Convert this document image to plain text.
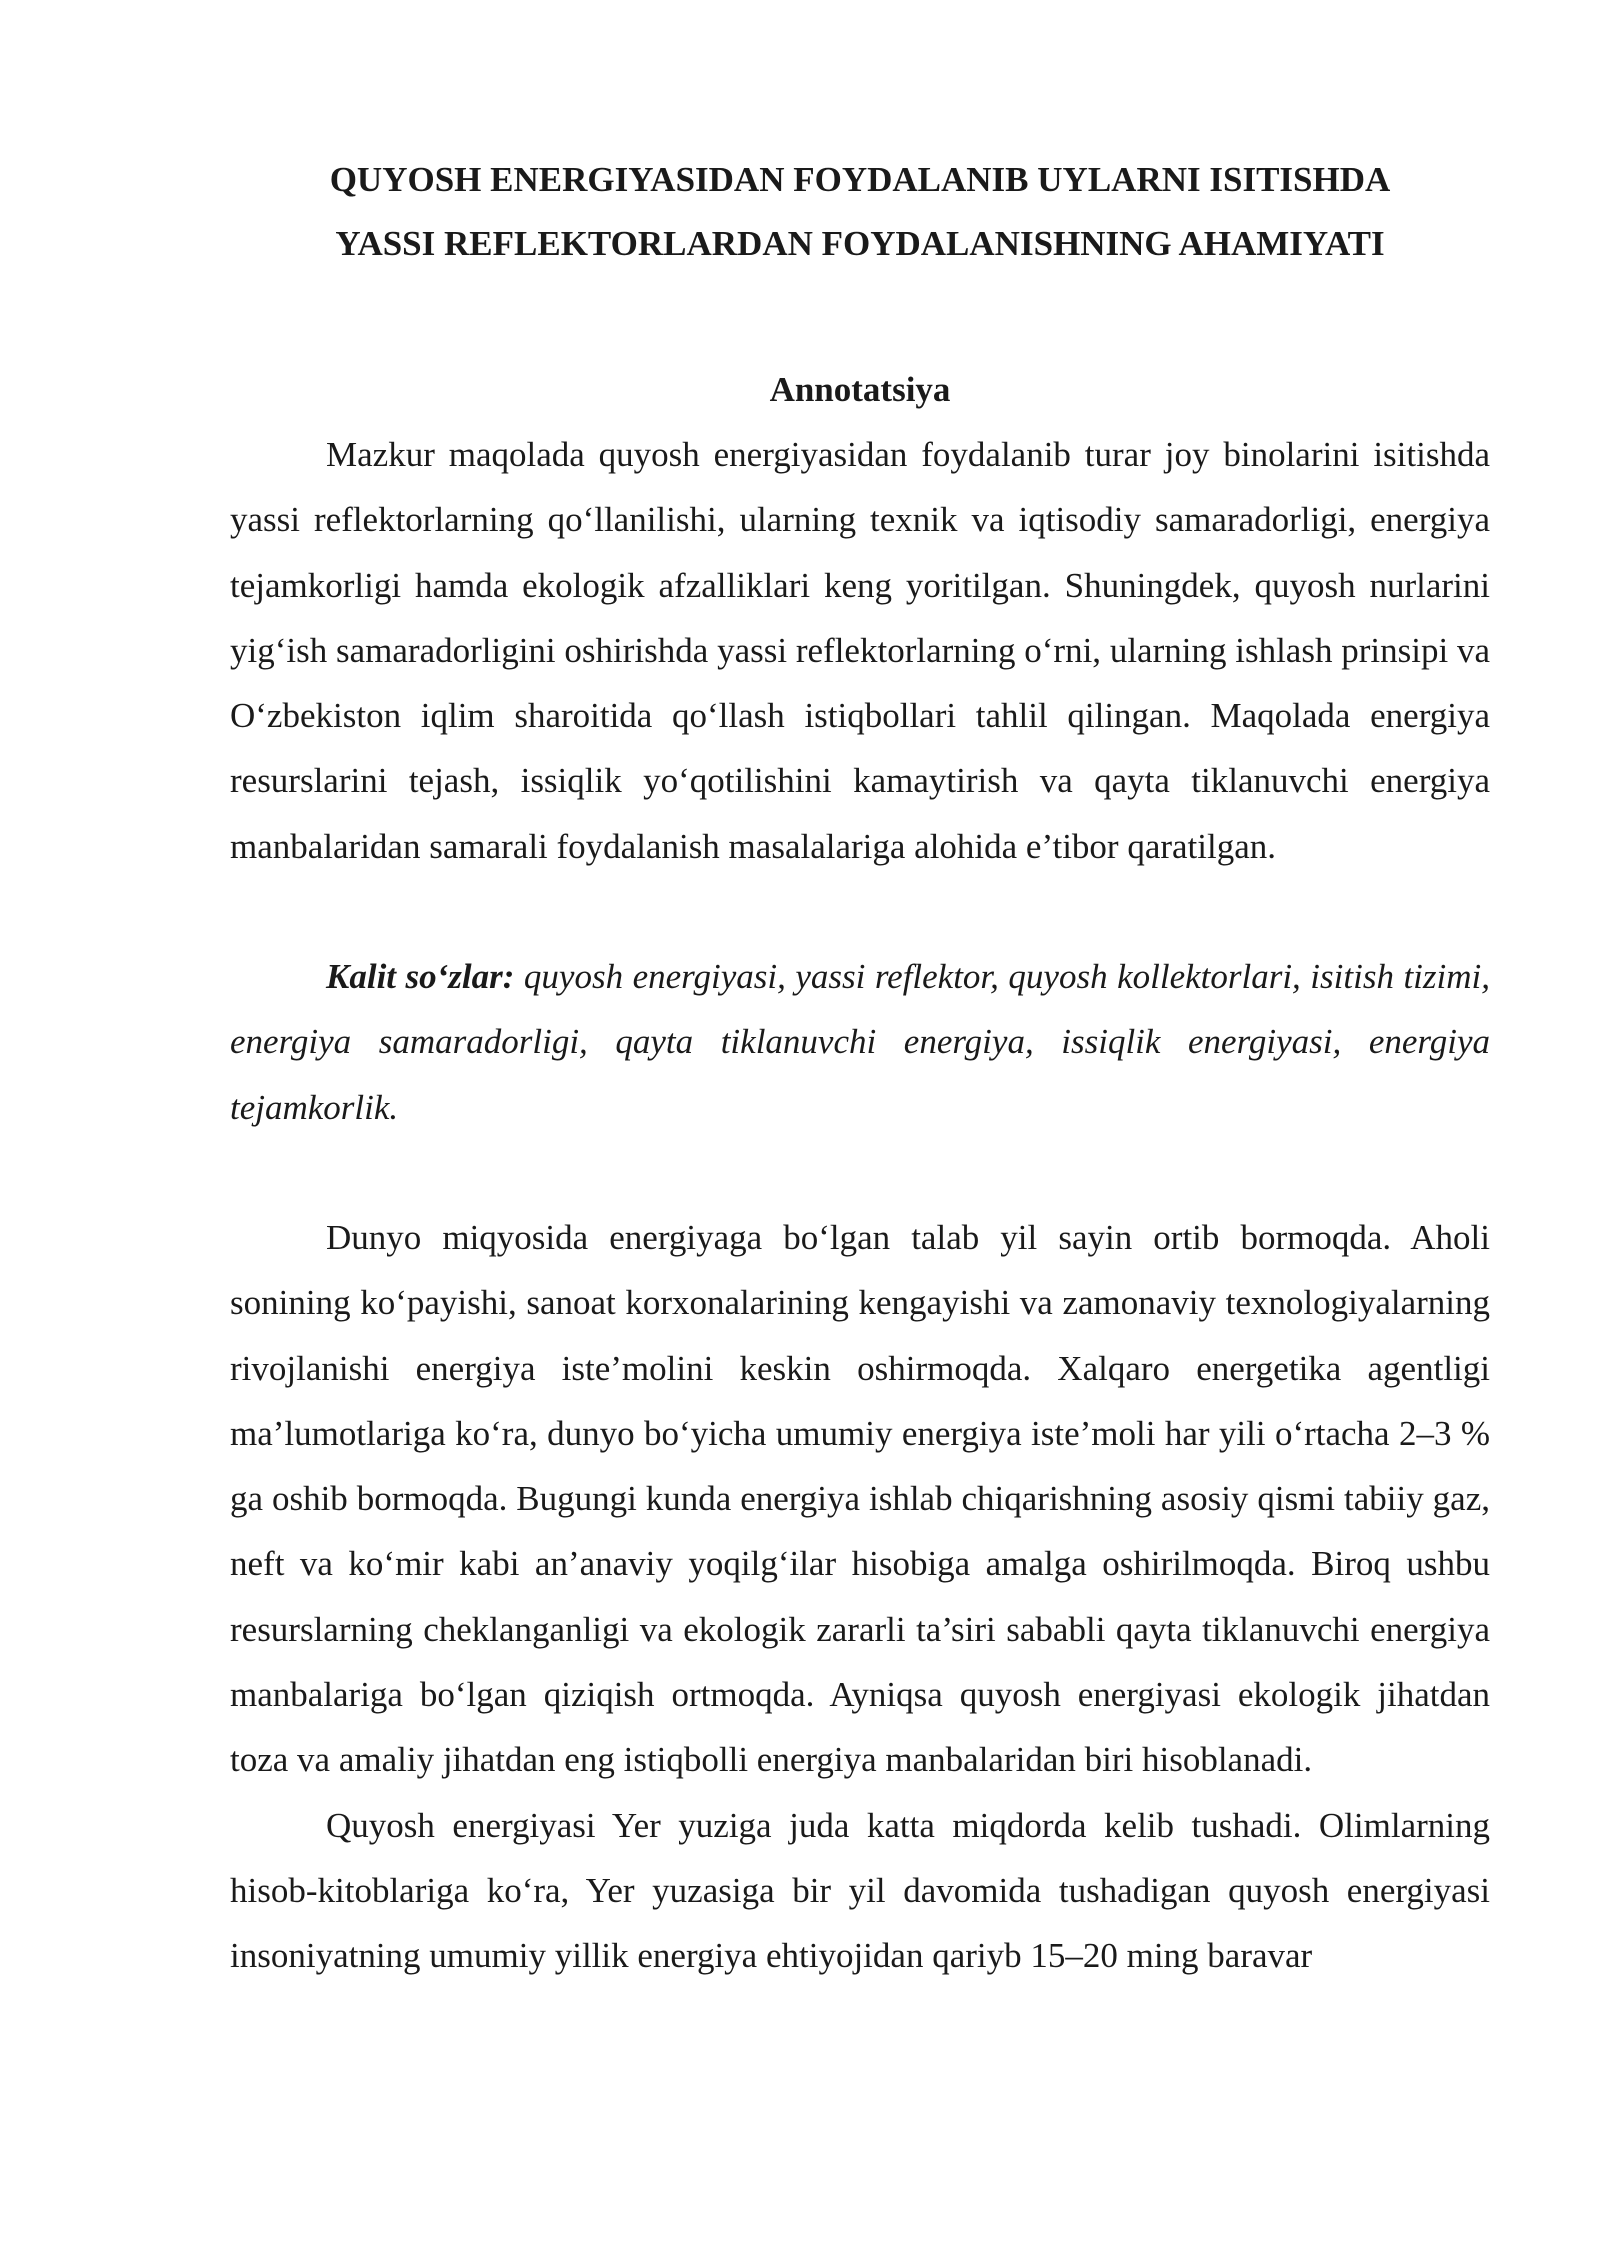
QUYOSH ENERGIYASIDAN FOYDALANIB UYLARNI ISITISHDA
YASSI REFLEKTORLARDAN FOYDALANISHNING AHAMIYATI
Annotatsiya

Mazkur maqolada quyosh energiyasidan foydalanib turar joy binolarini isitishda yassi reflektorlarning qo‘llanilishi, ularning texnik va iqtisodiy samaradorligi, energiya tejamkorligi hamda ekologik afzalliklari keng yoritilgan. Shuningdek, quyosh nurlarini yig‘ish samaradorligini oshirishda yassi reflektorlarning o‘rni, ularning ishlash prinsipi va O‘zbekiston iqlim sharoitida qo‘llash istiqbollari tahlil qilingan. Maqolada energiya resurslarini tejash, issiqlik yo‘qotilishini kamaytirish va qayta tiklanuvchi energiya manbalaridan samarali foydalanish masalalariga alohida e’tibor qaratilgan.

Kalit so‘zlar: quyosh energiyasi, yassi reflektor, quyosh kollektorlari, isitish tizimi, energiya samaradorligi, qayta tiklanuvchi energiya, issiqlik energiyasi, energiya tejamkorlik.

Dunyo miqyosida energiyaga bo‘lgan talab yil sayin ortib bormoqda. Aholi sonining ko‘payishi, sanoat korxonalarining kengayishi va zamonaviy texnologiyalarning rivojlanishi energiya iste’molini keskin oshirmoqda. Xalqaro energetika agentligi ma’lumotlariga ko‘ra, dunyo bo‘yicha umumiy energiya iste’moli har yili o‘rtacha 2–3 % ga oshib bormoqda. Bugungi kunda energiya ishlab chiqarishning asosiy qismi tabiiy gaz, neft va ko‘mir kabi an’anaviy yoqilg‘ilar hisobiga amalga oshirilmoqda. Biroq ushbu resurslarning cheklanganligi va ekologik zararli ta’siri sababli qayta tiklanuvchi energiya manbalariga bo‘lgan qiziqish ortmoqda. Ayniqsa quyosh energiyasi ekologik jihatdan toza va amaliy jihatdan eng istiqbolli energiya manbalaridan biri hisoblanadi.

Quyosh energiyasi Yer yuziga juda katta miqdorda kelib tushadi. Olimlarning hisob-kitoblariga ko‘ra, Yer yuzasiga bir yil davomida tushadigan quyosh energiyasi insoniyatning umumiy yillik energiya ehtiyojidan qariyb 15–20 ming baravar
